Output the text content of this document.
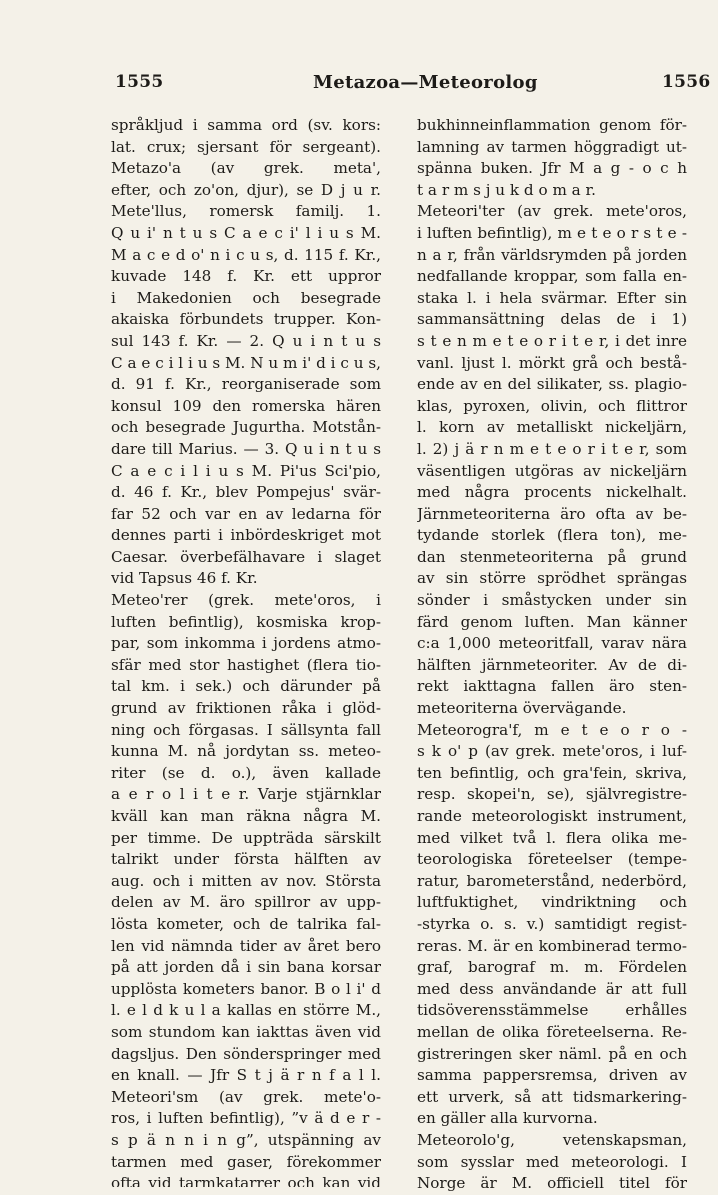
1555	Metazoa—Meteorolog	1556
språkljud i samma ord (sv. kors:
lat. crux; sjersant för sergeant).
Metazo'a (av grek. meta',
efter, och zo'on, djur), se D j u r.
Mete'llus, romersk familj. 1.
Q u i' n t u s C a e c i' l i u s M.
M a c e d o' n i c u s, d. 115 f. Kr.,
kuvade 148 f. Kr. ett uppror
i Makedonien och besegrade
akaiska förbundets trupper. Kon-
sul 143 f. Kr. — 2. Q u i n t u s
C a e c i l i u s M. N u m i' d i c u s,
d. 91 f. Kr., reorganiserade som
konsul 109 den romerska hären
och besegrade Jugurtha. Motstån-
dare till Marius. — 3. Q u i n t u s
C a e c i l i u s M. Pi'us Sci'pio,
d. 46 f. Kr., blev Pompejus' svär-
far 52 och var en av ledarna för
dennes parti i inbördeskriget mot
Caesar. överbefälhavare i slaget
vid Tapsus 46 f. Kr.
Meteo'rer (grek. mete'oros, i
luften befintlig), kosmiska krop-
par, som inkomma i jordens atmo-
sfär med stor hastighet (flera tio-
tal km. i sek.) och därunder på
grund av friktionen råka i glöd-
ning och förgasas. I sällsynta fall
kunna M. nå jordytan ss. meteo-
riter (se d. o.), även kallade
a e r o l i t e r. Varje stjärnklar
kväll kan man räkna några M.
per timme. De uppträda särskilt
talrikt under första hälften av
aug. och i mitten av nov. Största
delen av M. äro spillror av upp-
lösta kometer, och de talrika fal-
len vid nämnda tider av året bero
på att jorden då i sin bana korsar
upplösta kometers banor. B o l i' d
l. e l d k u l a kallas en större M.,
som stundom kan iakttas även vid
dagsljus. Den sönderspringer med
en knall. — Jfr S t j ä r n f a l l.
Meteori'sm (av grek. mete'o-
ros, i luften befintlig), ”v ä d e r -
s p ä n n i n g”, utspänning av
tarmen med gaser, förekommer
ofta vid tarmkatarrer och kan vid
bukhinneinflammation genom för-
lamning av tarmen höggradigt ut-
spänna buken. Jfr M a g - o c h
t a r m s j u k d o m a r.
Meteori'ter (av grek. mete'oros,
i luften befintlig), m e t e o r s t e -
n a r, från världsrymden på jorden
nedfallande kroppar, som falla en-
staka l. i hela svärmar. Efter sin
sammansättning delas de i 1)
s t e n m e t e o r i t e r, i det inre
vanl. ljust l. mörkt grå och bestå-
ende av en del silikater, ss. plagio-
klas, pyroxen, olivin, och flittror
l. korn av metalliskt nickeljärn,
l. 2) j ä r n m e t e o r i t e r, som
väsentligen utgöras av nickeljärn
med några procents nickelhalt.
Järnmeteoriterna äro ofta av be-
tydande storlek (flera ton), me-
dan stenmeteoriterna på grund
av sin större sprödhet sprängas
sönder i småstycken under sin
färd genom luften. Man känner
c:a 1,000 meteoritfall, varav nära
hälften järnmeteoriter. Av de di-
rekt iakttagna fallen äro sten-
meteoriterna övervägande.
Meteorogra'f, m e t e o r o -
s k o' p (av grek. mete'oros, i luf-
ten befintlig, och gra'fein, skriva,
resp. skopei'n, se), självregistre-
rande meteorologiskt instrument,
med vilket två l. flera olika me-
teorologiska företeelser (tempe-
ratur, barometerstånd, nederbörd,
luftfuktighet, vindriktning och
-styrka o. s. v.) samtidigt regist-
reras. M. är en kombinerad termo-
graf, barograf m. m. Fördelen
med dess användande är att full
tidsöverensstämmelse erhålles
mellan de olika företeelserna. Re-
gistreringen sker näml. på en och
samma pappersremsa, driven av
ett urverk, så att tidsmarkering-
en gäller alla kurvorna.
Meteorolo'g, vetenskapsman,
som sysslar med meteorologi. I
Norge är M. officiell titel för
